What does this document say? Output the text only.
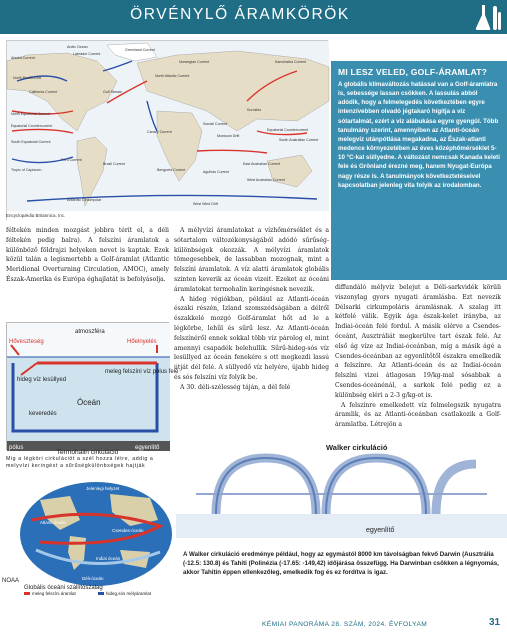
ÖRVÉNYLŐ ÁRAMKÖRÖK
Arctic Ocean
Labrador Current
Alaska Current
North Pacific Drift
California Current
North Equatorial Current
Equatorial Countercurrent
South Equatorial Current
Gulf Stream
North Atlantic Current
Canary Current
Greenland Current
Norwegian Current	Kamchatka Current
Kuroshio
West Wind Drift
Benguela Current
Brazil Current
Peru Current
Agulhas Current
Antarctic Circumpolar
Tropic of Capricorn
East Australian Current
West Australian Current
South Australian Current
Equatorial Countercurrent
Somali Current
Monsoon Drift
Encyclopædia Britannica, Inc.
MI LESZ VELED, GOLF-ÁRAMLAT?
A globális klímaváltozás hatással van a Golf-áramlatra is, sebessége lassan csökken. A lassulás abból adódik, hogy a felmelegedés következtében egyre intenzívebben olvadó jégtakaró hígítja a víz sótartalmát, ezért a víz alábukása egyre gyengül. Több tanulmány szerint, amennyiben az Atlanti-óceán melegvíz utánpótlása megakadna, az Észak-atlanti medence környezetében az éves középhőmérséklet 5-10 °C-kal süllyedne. A változást nemcsak Kanada keleti fele és Grönland érezné meg, hanem Nyugat-Európa nagy része is. A tanulmányok következtetéseivel kapcsolatban jelenleg vita folyik az irodalomban.

féltekén minden mozgást jobbra térít el, a déli féltekén pedig balra). A felszíni áramlatok a különböző földrajzi helyeken nevet is kaptak. Ezek közül talán a legismertebb a Golf-áramlat (Atlantic Meridional Overturning Circulation, AMOC), amely Észak-Amerika és Európa éghajlatát is befolyásolja.

A mélyvízi áramlatokat a vízhőmérséklet és a sótartalom változékonyságából adódó sűrűség-különbségek okozzák. A mélyvízi áramlatok tömegesebbek, de lassabban mozognak, mint a felszíni áramlatok. A víz alatti áramlatok globális szinten keverik az óceán vizeit. Ezeket az óceáni áramlatokat termohalin keringésnek nevezik.

A hideg régiókban, például az Atlanti-óceán északi részén, Izland szomszédságában a délről északkelé mozgó Golf-áramlat hőt ad le a légkörbe, lehűl és sűrű lesz. Az Atlanti-óceán felszínéről ennek sokkal több víz párolog el, mint amennyi csapadék belehullik. Sűrű-hideg-sós víz lesüllyed az óceán fenekére s ott megkezdi lassú útját dél felé. A süllyedő víz helyére, újabb hideg és sós felszíni víz folyik be.

A 30. déli-szélesség táján, a dél felé

diffundáló mélyvíz belejut a Déli-sarkvidék körüli viszonylag gyors nyugati áramlásba. Ezt nevezik Délsarki cirkumpoláris áramlásnak. A szalag itt kétfelé válik. Egyik ága észak-kelet irányba, az Indiai-óceán felé fordul. A másik elérve a Csendes-óceánt, Ausztráliát megkerülve tart észak felé. Az első ág víze az Indiai-óceánban, míg a másik ágé a Csendes-óceánban az egyenlítőtől északra emelkedik a felszínre. Az Atlanti-óceán és az Indiai-óceán felszíni vizei átlagosan 19/kg-mal sósabbak a Csendes-óceánénál, a sarkok felé pedig ez a különbség eléri a 2-3 g/kg-ot is.

A felszínre emelkedett víz felmelegszik nyugatra áramlik, és az Atlanti-óceánban csatlakozik a Golf-áramlatba. Létrejön a

atmoszféra
Hőveszteség	Hőelnyelés
hideg víz lesüllyed
meleg felszíni víz pólus felé
Óceán
keveredés
pólus	egyenlítő
Termohalin cirkuláció
Mig a légköri cirkulációt a szél hozza létre, addig a melyvízi keringést a sűrűségkülönbségek hajtják
Jelenlegi helyzet
Atlanti óceán
Csendes-óceán
Indiai óceán
Déli-óceán
NOAA
Globális óceáni szállítószalag
meleg felszíni áramlat	hideg,sós mélyáramlat
Walker cirkuláció
egyenlítő
A Walker cirkuláció eredménye például, hogy az egymástól 8000 km távolságban fekvő Darwin (Ausztrália (-12.5: 130.8) és Tahiti (Polinézia (-17.65: -149,42) időjárása összefügg. Ha Darwinban csökken a légnyomás, akkor Tahitin éppen ellenkezőleg, emelkedik fog és ez fordítva is igaz.
KÉMIAI PANORÁMA 28. SZÁM, 2024. ÉVFOLYAM	31
